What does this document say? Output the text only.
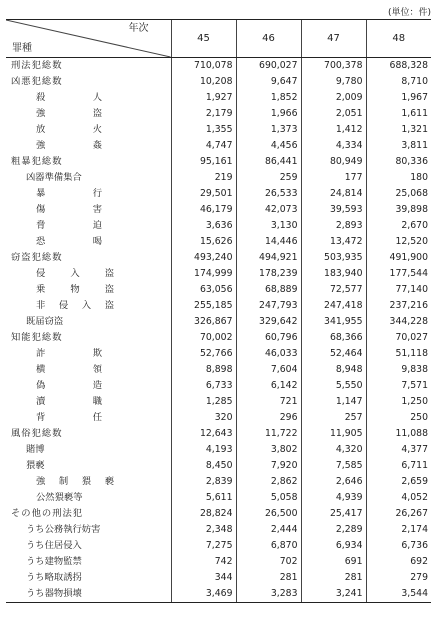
(単位：件)
年次
罪種	45	46	47	48
刑法犯総数	710,078	690,027	700,378	688,328
凶悪犯総数	10,208	9,647	9,780	8,710
殺人	1,927	1,852	2,009	1,967
強盗	2,179	1,966	2,051	1,611
放火	1,355	1,373	1,412	1,321
強姦	4,747	4,456	4,334	3,811
粗暴犯総数	95,161	86,441	80,949	80,336
凶器準備集合	219	259	177	180
暴行	29,501	26,533	24,814	25,068
傷害	46,179	42,073	39,593	39,898
脅迫	3,636	3,130	2,893	2,670
恐喝	15,626	14,446	13,472	12,520
窃盗犯総数	493,240	494,921	503,935	491,900
侵入盗	174,999	178,239	183,940	177,544
乗物盗	63,056	68,889	72,577	77,140
非侵入盗	255,185	247,793	247,418	237,216
既届窃盗	326,867	329,642	341,955	344,228
知能犯総数	70,002	60,796	68,366	70,027
詐欺	52,766	46,033	52,464	51,118
横領	8,898	7,604	8,948	9,838
偽造	6,733	6,142	5,550	7,571
瀆職	1,285	721	1,147	1,250
背任	320	296	257	250
風俗犯総数	12,643	11,722	11,905	11,088
賭博	4,193	3,802	4,320	4,377
猥褻	8,450	7,920	7,585	6,711
強制猥褻	2,839	2,862	2,646	2,659
公然猥褻等	5,611	5,058	4,939	4,052
その他の刑法犯	28,824	26,500	25,417	26,267
うち公務執行妨害	2,348	2,444	2,289	2,174
うち住居侵入	7,275	6,870	6,934	6,736
うち建物監禁	742	702	691	692
うち略取誘拐	344	281	281	279
うち器物損壊	3,469	3,283	3,241	3,544
